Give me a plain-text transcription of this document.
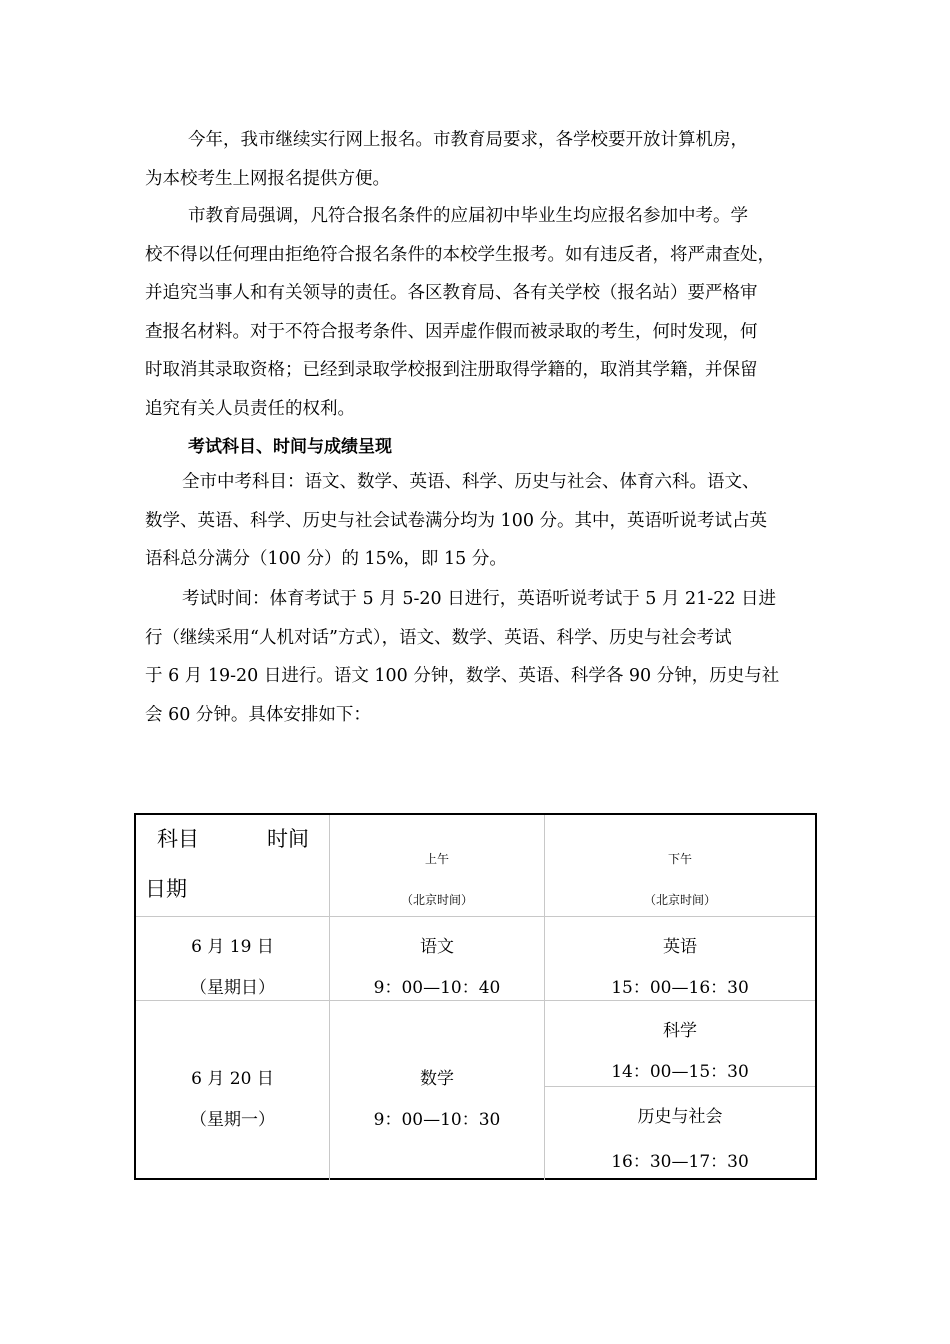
今年，我市继续实行网上报名。市教育局要求，各学校要开放计算机房，
为本校考生上网报名提供方便。
市教育局强调，凡符合报名条件的应届初中毕业生均应报名参加中考。学
校不得以任何理由拒绝符合报名条件的本校学生报考。如有违反者，将严肃查处，
并追究当事人和有关领导的责任。各区教育局、各有关学校（报名站）要严格审
查报名材料。对于不符合报考条件、因弄虚作假而被录取的考生，何时发现，何
时取消其录取资格；已经到录取学校报到注册取得学籍的，取消其学籍，并保留
追究有关人员责任的权利。
考试科目、时间与成绩呈现
全市中考科目：语文、数学、英语、科学、历史与社会、体育六科。语文、
数学、英语、科学、历史与社会试卷满分均为 100 分。其中，英语听说考试占英
语科总分满分（100 分）的 15%，即 15 分。
考试时间：体育考试于 5 月 5-20 日进行，英语听说考试于 5 月 21-22 日进
行（继续采用“人机对话”方式），语文、数学、英语、科学、历史与社会考试
于 6 月 19-20 日进行。语文 100 分钟，数学、英语、科学各 90 分钟，历史与社
会 60 分钟。具体安排如下：
科目	时间
日期
上午
（北京时间）
下午
（北京时间）
6 月 19 日
（星期日）
语文
9：00—10：40
英语
15：00—16：30
6 月 20 日
（星期一）
数学
9：00—10：30
科学
14：00—15：30
历史与社会
16：30—17：30
